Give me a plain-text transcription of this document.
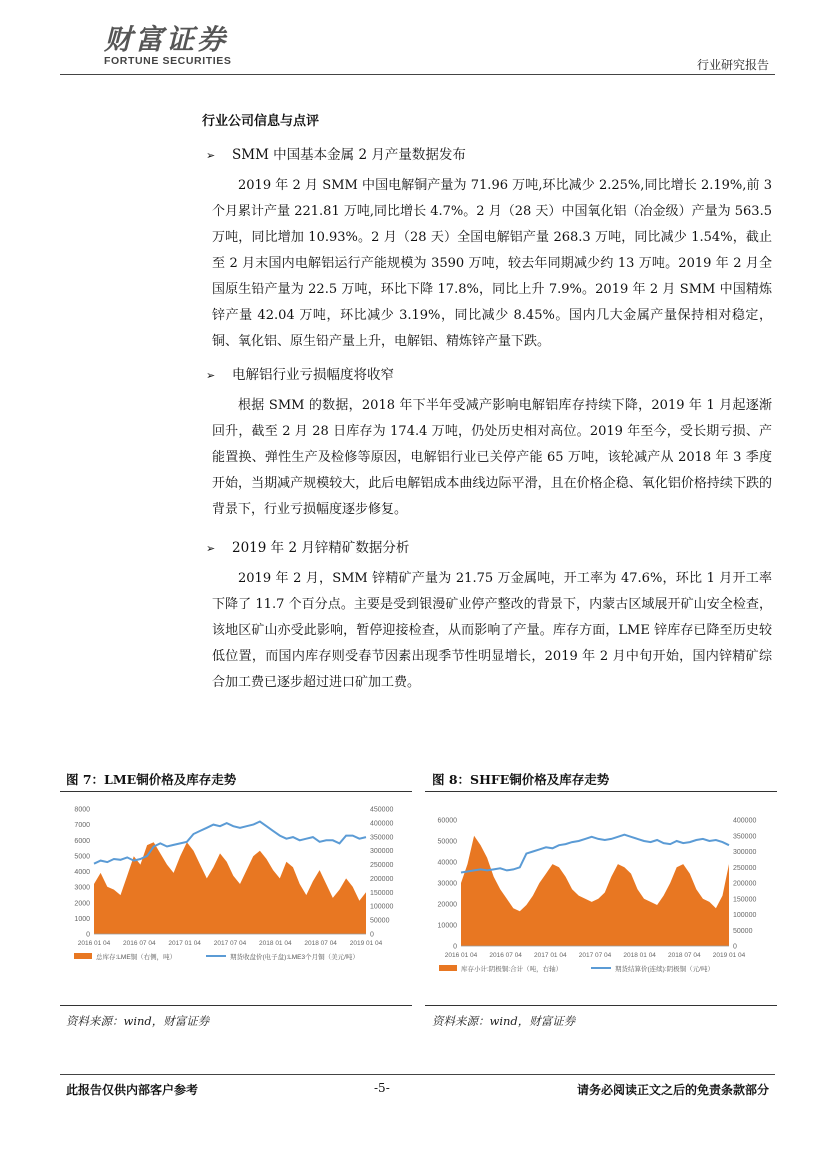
财富证券
FORTUNE SECURITIES	行业研究报告
行业公司信息与点评
➢ SMM 中国基本金属 2 月产量数据发布
2019 年 2 月 SMM 中国电解铜产量为 71.96 万吨,环比减少 2.25%,同比增长 2.19%,前 3 个月累计产量 221.81 万吨,同比增长 4.7%。2 月（28 天）中国氧化铝（冶金级）产量为 563.5 万吨，同比增加 10.93%。2 月（28 天）全国电解铝产量 268.3 万吨，同比减少 1.54%，截止至 2 月末国内电解铝运行产能规模为 3590 万吨，较去年同期减少约 13 万吨。2019 年 2 月全国原生铅产量为 22.5 万吨，环比下降 17.8%，同比上升 7.9%。2019 年 2 月 SMM 中国精炼锌产量 42.04 万吨，环比减少 3.19%，同比减少 8.45%。国内几大金属产量保持相对稳定，铜、氧化铝、原生铅产量上升，电解铝、精炼锌产量下跌。
➢ 电解铝行业亏损幅度将收窄
根据 SMM 的数据，2018 年下半年受减产影响电解铝库存持续下降，2019 年 1 月起逐渐回升，截至 2 月 28 日库存为 174.4 万吨，仍处历史相对高位。2019 年至今，受长期亏损、产能置换、弹性生产及检修等原因，电解铝行业已关停产能 65 万吨，该轮减产从 2018 年 3 季度开始，当期减产规模较大，此后电解铝成本曲线边际平滑，且在价格企稳、氧化铝价格持续下跌的背景下，行业亏损幅度逐步修复。
➢ 2019 年 2 月锌精矿数据分析
2019 年 2 月，SMM 锌精矿产量为 21.75 万金属吨，开工率为 47.6%，环比 1 月开工率下降了 11.7 个百分点。主要是受到银漫矿业停产整改的背景下，内蒙古区域展开矿山安全检查，该地区矿山亦受此影响，暂停迎接检查，从而影响了产量。库存方面，LME 锌库存已降至历史较低位置，而国内库存则受春节因素出现季节性明显增长，2019 年 2 月中旬开始，国内锌精矿综合加工费已逐步超过进口矿加工费。
图 7：LME铜价格及库存走势
8000
7000
6000
5000
4000
3000
2000
1000
0
450000
400000
350000
300000
250000
200000
150000
100000
50000
0
2016 01 04 2016 07 04 2017 01 04 2017 07 04 2018 01 04 2018 07 04 2019 01 04
总库存:LME铜（右侧，吨）	期货收盘价(电子盘):LME3个月铜（美元/吨）
资料来源：wind，财富证券
图 8：SHFE铜价格及库存走势
60000
50000
40000
30000
20000
10000
0
400000
350000
300000
250000
200000
150000
100000
50000
0
2016 01 04 2016 07 04 2017 01 04 2017 07 04 2018 01 04 2018 07 04 2019 01 04
库存小计:阴极铜:合计（吨，右轴）	期货结算价(连续):阴极铜（元/吨）
资料来源：wind，财富证券
此报告仅供内部客户参考	-5-	请务必阅读正文之后的免责条款部分
